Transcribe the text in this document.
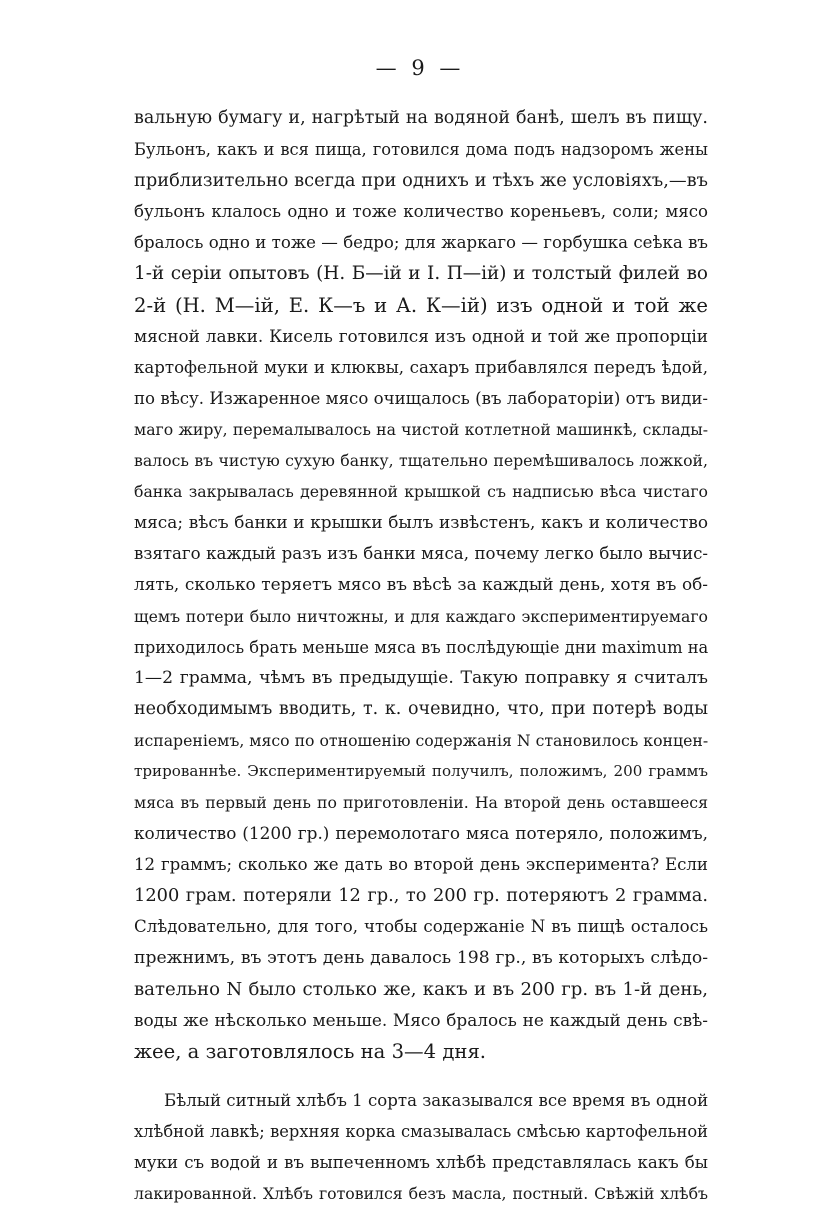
— 9 —
вальную бумагу и, нагрѣтый на водяной банѣ, шелъ въ пищу.
Бульонъ, какъ и вся пища, готовился дома подъ надзоромъ жены
приблизительно всегда при однихъ и тѣхъ же условіяхъ,—въ
бульонъ клалось одно и тоже количество кореньевъ, соли; мясо
бралось одно и тоже — бедро; для жаркаго — горбушка сеѣка въ
1-й серіи опытовъ (Н. Б—ій и I. П—ій) и толстый филей во
2-й (Н. М—ій, Е. К—ъ и А. К—ій) изъ одной и той же
мясной лавки. Кисель готовился изъ одной и той же пропорціи
картофельной муки и клюквы, сахаръ прибавлялся передъ ѣдой,
по вѣсу. Изжаренное мясо очищалось (въ лабораторіи) отъ види-
маго жиру, перемалывалось на чистой котлетной машинкѣ, склады-
валось въ чистую сухую банку, тщательно перемѣшивалось ложкой,
банка закрывалась деревянной крышкой съ надписью вѣса чистаго
мяса; вѣсъ банки и крышки былъ извѣстенъ, какъ и количество
взятаго каждый разъ изъ банки мяса, почему легко было вычис-
лять, сколько теряетъ мясо въ вѣсѣ за каждый день, хотя въ об-
щемъ потери было ничтожны, и для каждаго экспериментируемаго
приходилось брать меньше мяса въ послѣдующіе дни maximum на
1—2 грамма, чѣмъ въ предыдущіе. Такую поправку я считалъ
необходимымъ вводить, т. к. очевидно, что, при потерѣ воды
испареніемъ, мясо по отношенію содержанія N становилось концен-
трированнѣе. Экспериментируемый получилъ, положимъ, 200 граммъ
мяса въ первый день по приготовленіи. На второй день оставшееся
количество (1200 гр.) перемолотаго мяса потеряло, положимъ,
12 граммъ; сколько же дать во второй день эксперимента? Если
1200 грам. потеряли 12 гр., то 200 гр. потеряютъ 2 грамма.
Слѣдовательно, для того, чтобы содержаніе N въ пищѣ осталось
прежнимъ, въ этотъ день давалось 198 гр., въ которыхъ слѣдо-
вательно N было столько же, какъ и въ 200 гр. въ 1-й день,
воды же нѣсколько меньше. Мясо бралось не каждый день свѣ-
жее, а заготовлялось на 3—4 дня.
Бѣлый ситный хлѣбъ 1 сорта заказывался все время въ одной
хлѣбной лавкѣ; верхняя корка смазывалась смѣсью картофельной
муки съ водой и въ выпеченномъ хлѣбѣ представлялась какъ бы
лакированной. Хлѣбъ готовился безъ масла, постный. Свѣжій хлѣбъ
